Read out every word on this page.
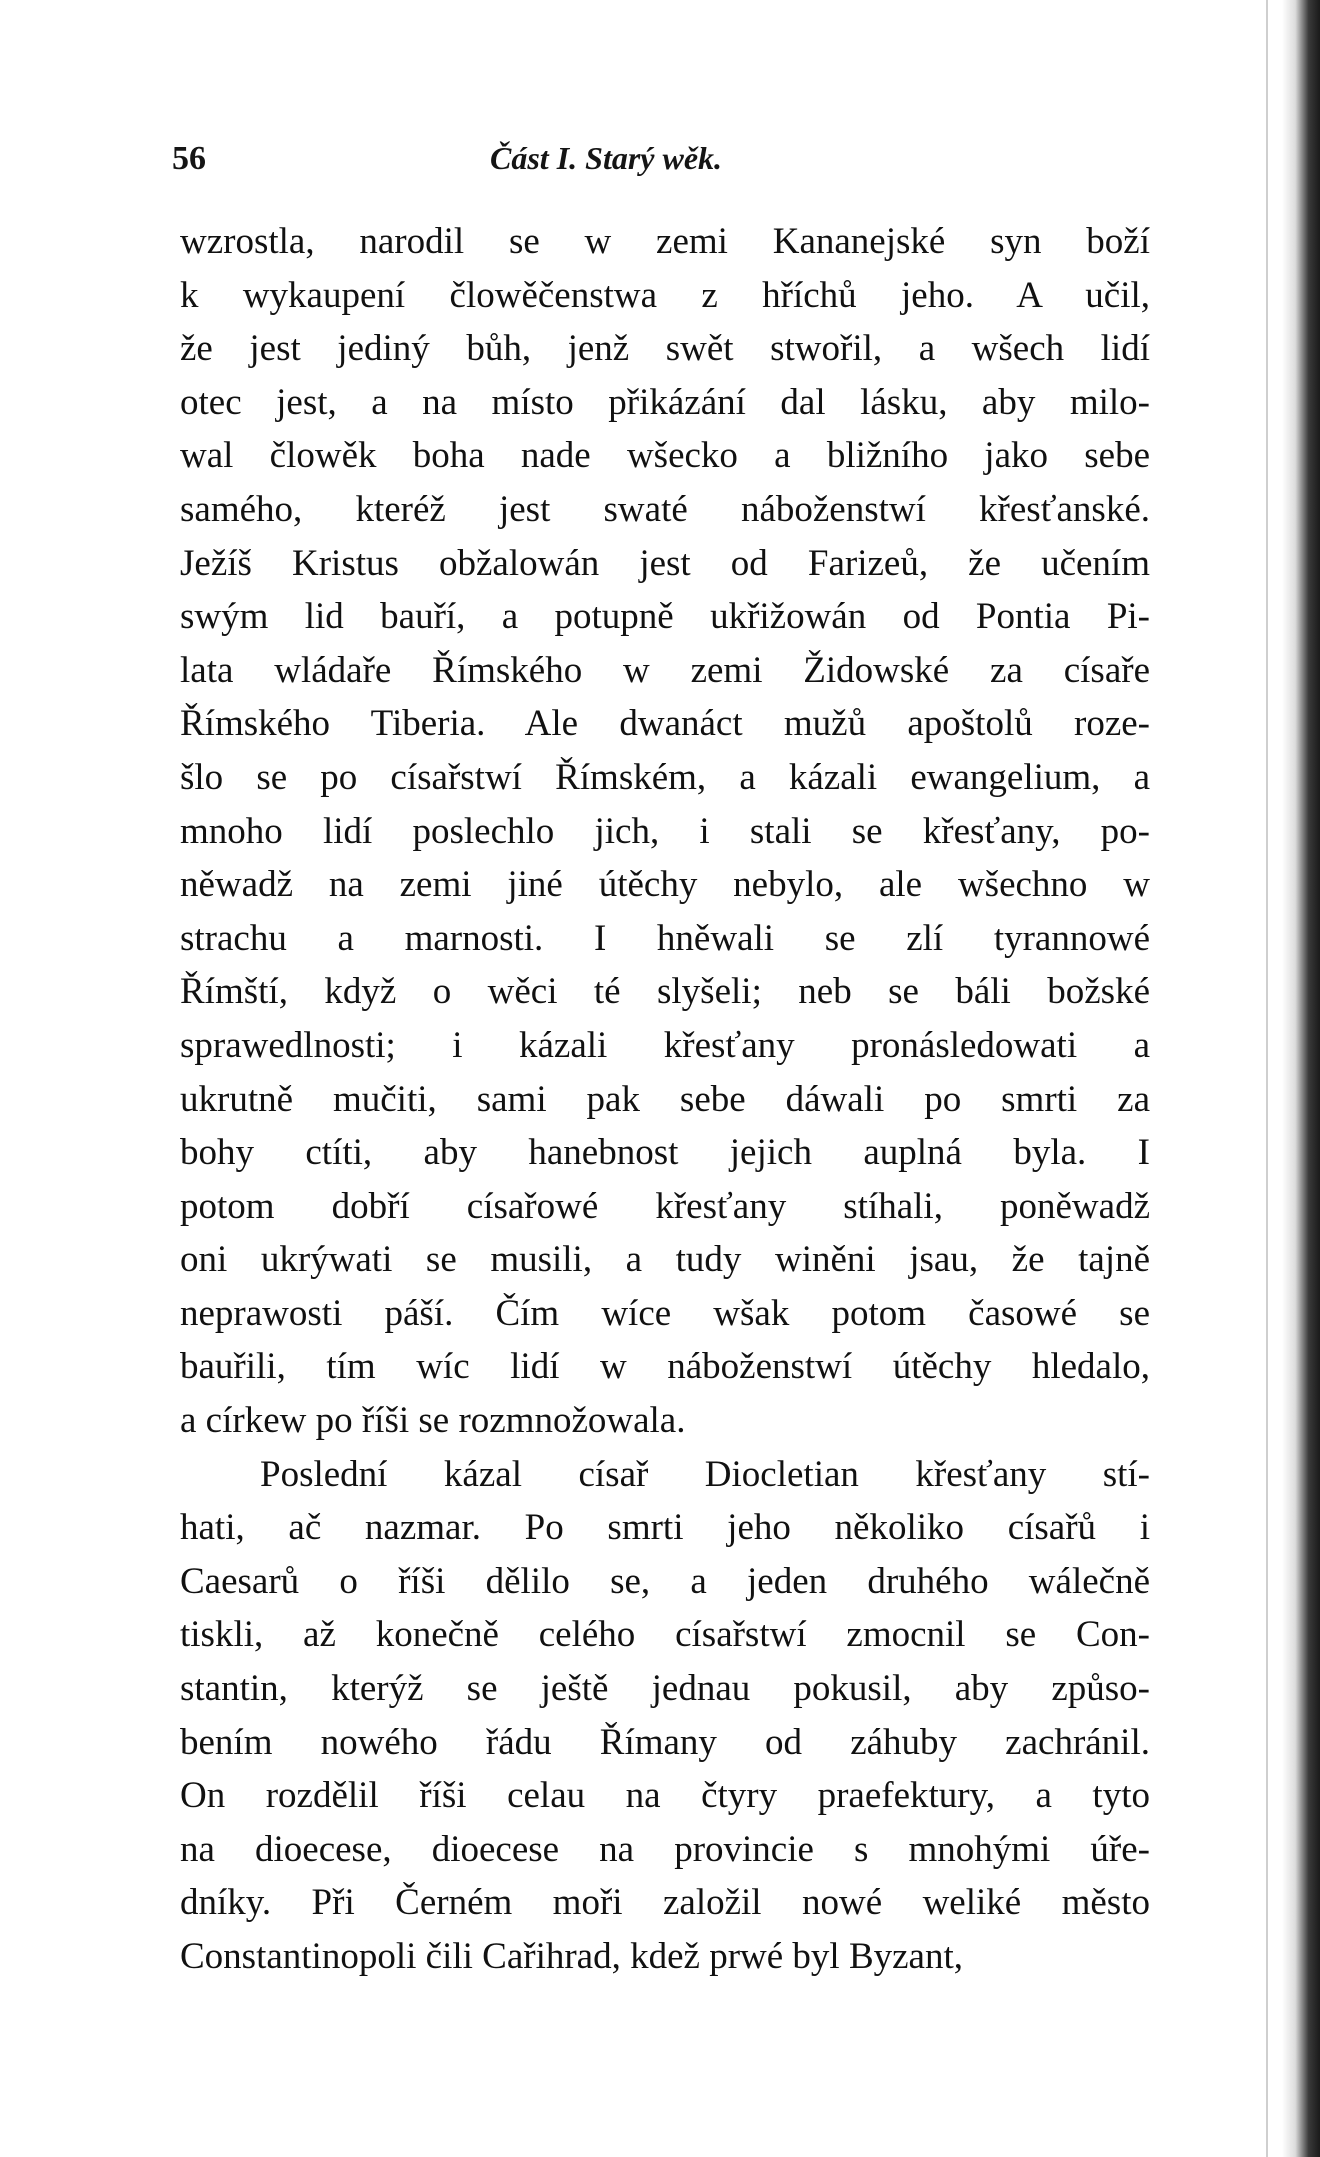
56	Část I. Starý wěk.
wzrostla, narodil se w zemi Kananejské syn boží
k wykaupení člowěčenstwa z hříchů jeho. A učil,
že jest jediný bůh, jenž swět stwořil, a wšech lidí
otec jest, a na místo přikázání dal lásku, aby milo-
wal člowěk boha nade wšecko a bližního jako sebe
samého, kteréž jest swaté náboženstwí křesťanské.
Ježíš Kristus obžalowán jest od Farizeů, že učením
swým lid bauří, a potupně ukřižowán od Pontia Pi-
lata wládaře Římského w zemi Židowské za císaře
Římského Tiberia. Ale dwanáct mužů apoštolů roze-
šlo se po císařstwí Římském, a kázali ewangelium, a
mnoho lidí poslechlo jich, i stali se křesťany, po-
něwadž na zemi jiné útěchy nebylo, ale wšechno w
strachu a marnosti. I hněwali se zlí tyrannowé
Římští, když o wěci té slyšeli; neb se báli božské
sprawedlnosti; i kázali křesťany pronásledowati a
ukrutně mučiti, sami pak sebe dáwali po smrti za
bohy ctíti, aby hanebnost jejich auplná byla. I
potom dobří císařowé křesťany stíhali, poněwadž
oni ukrýwati se musili, a tudy winěni jsau, že tajně
neprawosti páší. Čím wíce wšak potom časowé se
bauřili, tím wíc lidí w náboženstwí útěchy hledalo,
a církew po říši se rozmnožowala.
Poslední kázal císař Diocletian křesťany stí-
hati, ač nazmar. Po smrti jeho několiko císařů i
Caesarů o říši dělilo se, a jeden druhého wálečně
tiskli, až konečně celého císařstwí zmocnil se Con-
stantin, kterýž se ještě jednau pokusil, aby způso-
bením nowého řádu Římany od záhuby zachránil.
On rozdělil říši celau na čtyry praefektury, a tyto
na dioecese, dioecese na provincie s mnohými úře-
dníky. Při Černém moři založil nowé weliké město
Constantinopoli čili Cařihrad, kdež prwé byl Byzant,
